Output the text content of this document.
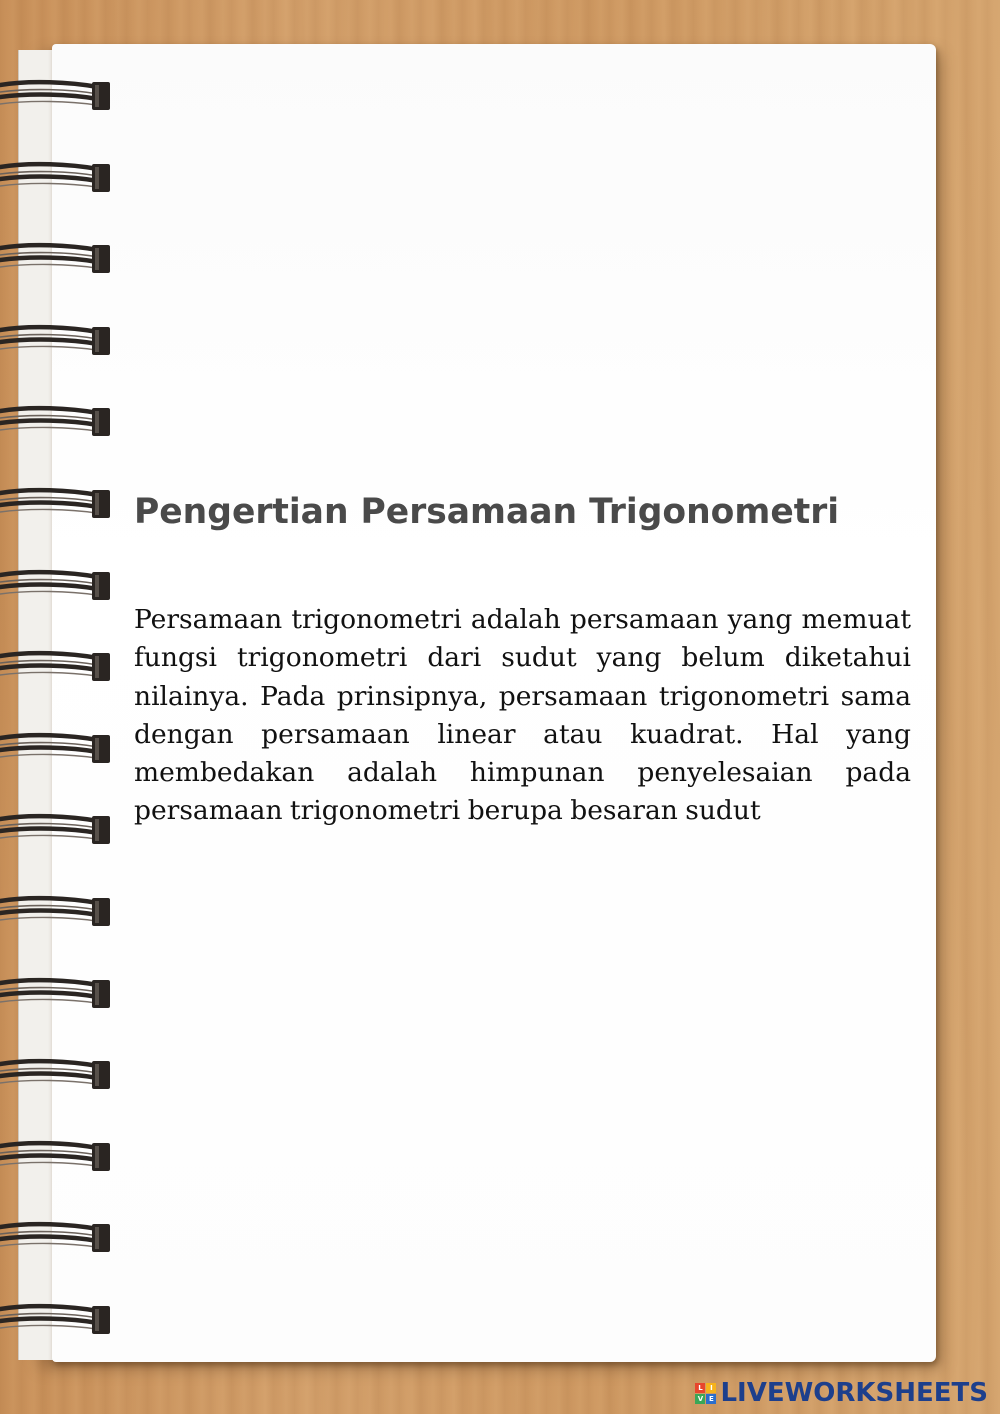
Pengertian Persamaan Trigonometri

Persamaan trigonometri adalah persamaan yang memuat fungsi trigonometri dari sudut yang belum diketahui nilainya. Pada prinsipnya, persamaan trigonometri sama dengan persamaan linear atau kuadrat. Hal yang membedakan adalah himpunan penyelesaian pada persamaan trigonometri berupa besaran sudut

L	I
V E LIVEWORKSHEETS
